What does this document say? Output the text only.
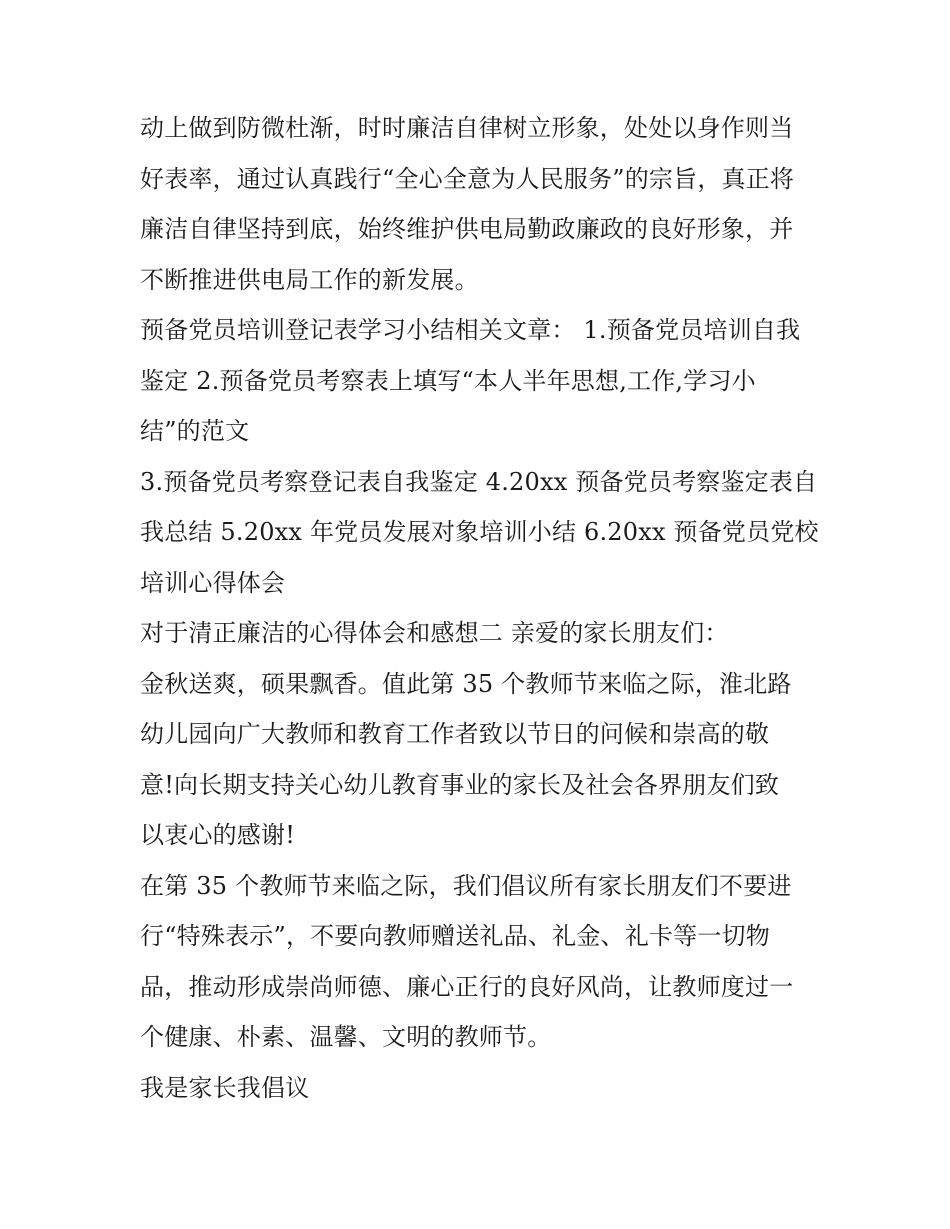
动上做到防微杜渐，时时廉洁自律树立形象，处处以身作则当
好表率，通过认真践行“全心全意为人民服务”的宗旨，真正将
廉洁自律坚持到底，始终维护供电局勤政廉政的良好形象，并
不断推进供电局工作的新发展。
预备党员培训登记表学习小结相关文章： 1.预备党员培训自我
鉴定 2.预备党员考察表上填写“本人半年思想,工作,学习小
结”的范文
3.预备党员考察登记表自我鉴定 4.20xx 预备党员考察鉴定表自
我总结 5.20xx 年党员发展对象培训小结 6.20xx 预备党员党校
培训心得体会
对于清正廉洁的心得体会和感想二 亲爱的家长朋友们：
金秋送爽，硕果飘香。值此第 35 个教师节来临之际，淮北路
幼儿园向广大教师和教育工作者致以节日的问候和崇高的敬
意!向长期支持关心幼儿教育事业的家长及社会各界朋友们致
以衷心的感谢!
在第 35 个教师节来临之际，我们倡议所有家长朋友们不要进
行“特殊表示”，不要向教师赠送礼品、礼金、礼卡等一切物
品，推动形成崇尚师德、廉心正行的良好风尚，让教师度过一
个健康、朴素、温馨、文明的教师节。
我是家长我倡议
